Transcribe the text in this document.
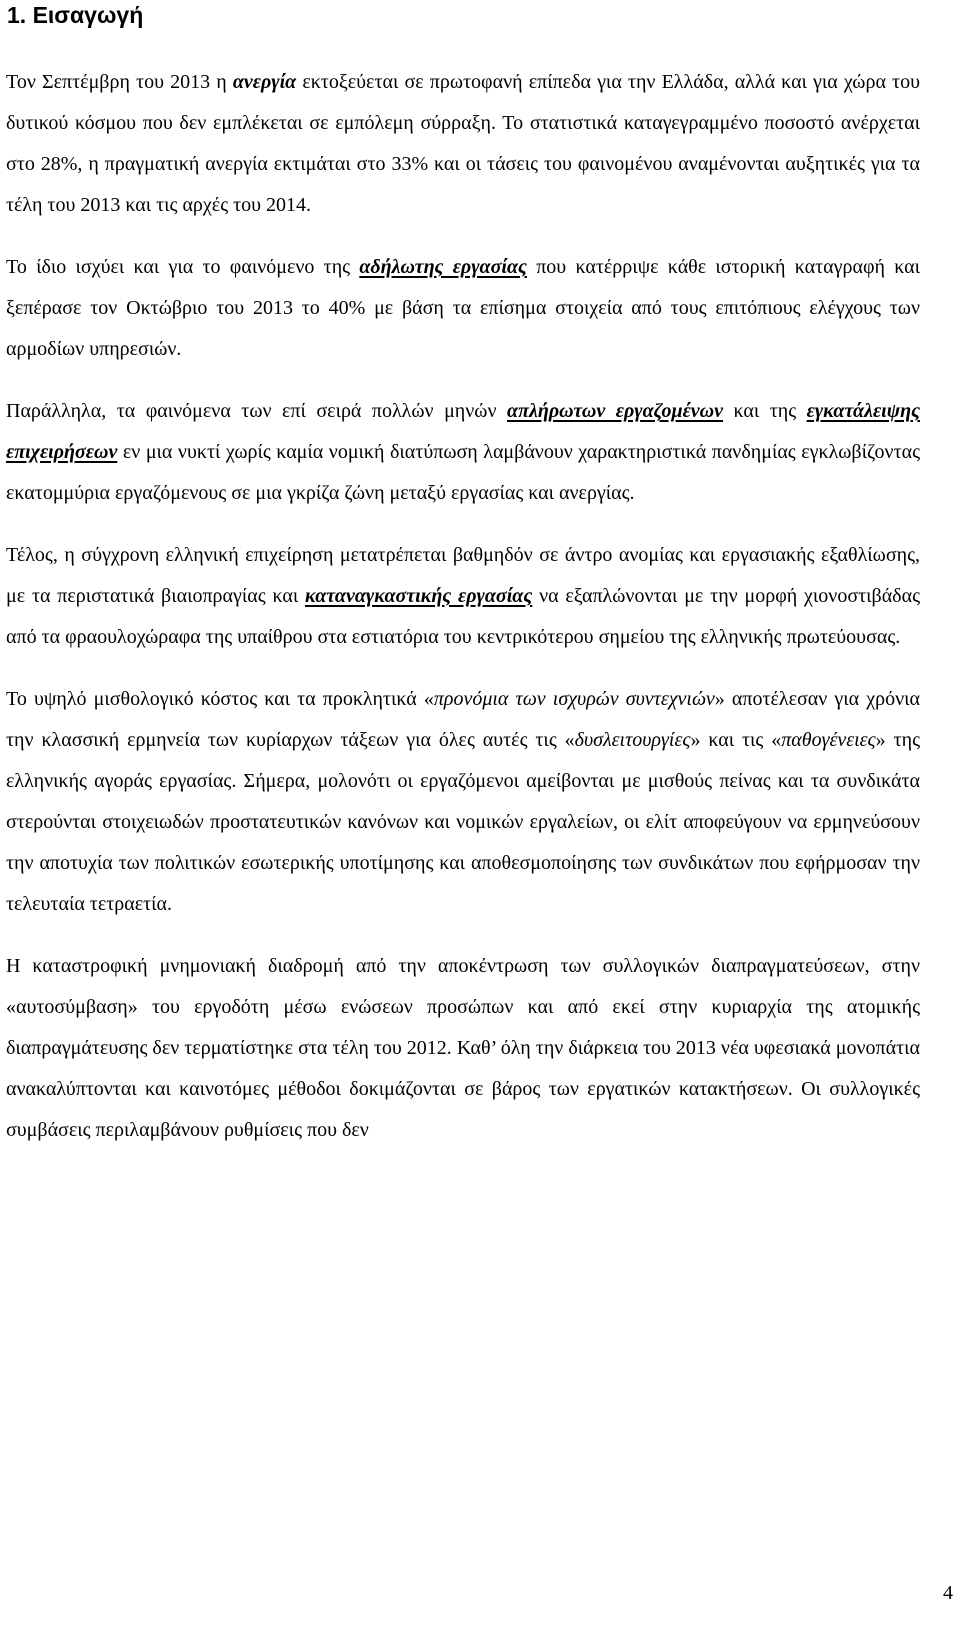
1. Εισαγωγή

Τον Σεπτέμβρη του 2013 η ανεργία εκτοξεύεται σε πρωτοφανή επίπεδα για την Ελλάδα, αλλά και για χώρα του δυτικού κόσμου που δεν εμπλέκεται σε εμπόλεμη σύρραξη. Το στατιστικά καταγεγραμμένο ποσοστό ανέρχεται στο 28%, η πραγματική ανεργία εκτιμάται στο 33% και οι τάσεις του φαινομένου αναμένονται αυξητικές για τα τέλη του 2013 και τις αρχές του 2014.

Το ίδιο ισχύει και για το φαινόμενο της αδήλωτης εργασίας που κατέρριψε κάθε ιστορική καταγραφή και ξεπέρασε τον Οκτώβριο του 2013 το 40% με βάση τα επίσημα στοιχεία από τους επιτόπιους ελέγχους των αρμοδίων υπηρεσιών.

Παράλληλα, τα φαινόμενα των επί σειρά πολλών μηνών απλήρωτων εργαζομένων και της εγκατάλειψης επιχειρήσεων εν μια νυκτί χωρίς καμία νομική διατύπωση λαμβάνουν χαρακτηριστικά πανδημίας εγκλωβίζοντας εκατομμύρια εργαζόμενους σε μια γκρίζα ζώνη μεταξύ εργασίας και ανεργίας.

Τέλος, η σύγχρονη ελληνική επιχείρηση μετατρέπεται βαθμηδόν σε άντρο ανομίας και εργασιακής εξαθλίωσης, με τα περιστατικά βιαιοπραγίας και καταναγκαστικής εργασίας να εξαπλώνονται με την μορφή χιονοστιβάδας από τα φραουλοχώραφα της υπαίθρου στα εστιατόρια του κεντρικότερου σημείου της ελληνικής πρωτεύουσας.

Το υψηλό μισθολογικό κόστος και τα προκλητικά «προνόμια των ισχυρών συντεχνιών» αποτέλεσαν για χρόνια την κλασσική ερμηνεία των κυρίαρχων τάξεων για όλες αυτές τις «δυσλειτουργίες» και τις «παθογένειες» της ελληνικής αγοράς εργασίας. Σήμερα, μολονότι οι εργαζόμενοι αμείβονται με μισθούς πείνας και τα συνδικάτα στερούνται στοιχειωδών προστατευτικών κανόνων και νομικών εργαλείων, οι ελίτ αποφεύγουν να ερμηνεύσουν την αποτυχία των πολιτικών εσωτερικής υποτίμησης και αποθεσμοποίησης των συνδικάτων που εφήρμοσαν την τελευταία τετραετία.

Η καταστροφική μνημονιακή διαδρομή από την αποκέντρωση των συλλογικών διαπραγματεύσεων, στην «αυτοσύμβαση» του εργοδότη μέσω ενώσεων προσώπων και από εκεί στην κυριαρχία της ατομικής διαπραγμάτευσης δεν τερματίστηκε στα τέλη του 2012. Καθ’ όλη την διάρκεια του 2013 νέα υφεσιακά μονοπάτια ανακαλύπτονται και καινοτόμες μέθοδοι δοκιμάζονται σε βάρος των εργατικών κατακτήσεων. Οι συλλογικές συμβάσεις περιλαμβάνουν ρυθμίσεις που δεν

4
